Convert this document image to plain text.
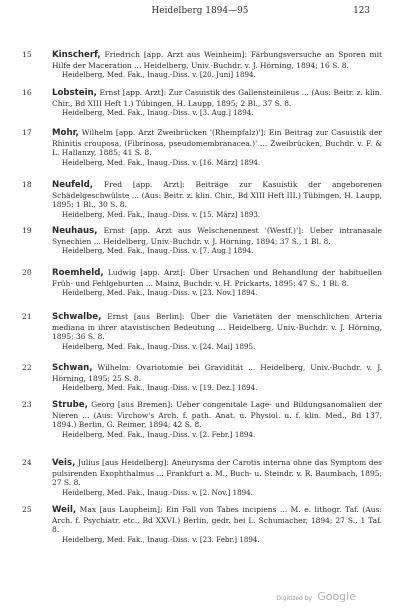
Heidelberg 1894—95	123
15 Kinscherf, Friedrich [app. Arzt aus Weinheim]: Färbungsversuche an Sporen mit Hilfe der Maceration ... Heidelberg, Univ.-Buchdr. v. J. Hörning, 1894; 16 S. 8.
Heidelberg, Med. Fak., Inaug.-Diss. v. [20. Juni] 1894.
16 Lobstein, Ernst [app. Arzt]: Zur Casuistik des Gallensteinileus ... (Aus: Beitr. z. klin. Chir., Bd XIII Heft 1.) Tübingen, H. Laupp, 1895; 2 Bl., 37 S. 8.
Heidelberg, Med. Fak., Inaug.-Diss. v. [3. Aug.] 1894.
17 Mohr, Wilhelm [app. Arzt Zweibrücken '(Rheinpfalz)']: Ein Beitrag zur Casuistik der Rhinitis crouposa, (Fibrinosa, pseudomembranacea.)' ... Zweibrücken, Buchdr. v. F. & L. Hallanzy, 1885; 41 S. 8.
Heidelberg, Med. Fak., Inaug.-Diss. v. [16. März] 1894.
18 Neufeld, Fred [app. Arzt]: Beiträge zur Kasuistik der angeborenen Schädelgeschwülste ... (Aus: Beitr. z. klin. Chir., Bd XIII Heft III.) Tübingen, H. Laupp, 1895; 1 Bl., 30 S. 8.
Heidelberg, Med. Fak., Inaug.-Diss. v. [15. März] 1893.
19 Neuhaus, Ernst [app. Arzt aus Welschenennest '(Westf.)']: Ueber intranasale Synechien ... Heidelberg, Univ.-Buchdr. v. J. Hörning, 1894; 37 S., 1 Bl. 8.
Heidelberg, Med. Fak., Inaug.-Diss. v. [7. Aug.] 1894.
20 Roemheld, Ludwig [app. Arzt]: Über Ursachen und Behandlung der habituellen Früh- und Fehlgeburten ... Mainz, Buchdr. v. H. Prickarts, 1895; 47 S., 1 Bl. 8.
Heidelberg, Med. Fak., Inaug.-Diss. v. [23. Nov.] 1894.
21 Schwalbe, Ernst [aus Berlin]: Über die Varietäten der menschlichen Arteria mediana in ihrer atavistischen Bedeutung ... Heidelberg, Univ.-Buchdr. v. J. Hörning, 1895; 36 S. 8.
Heidelberg, Med. Fak., Inaug.-Diss. v. [24. Mai] 1895.
22 Schwan, Wilhelm: Ovariotomie bei Gravidität ... Heidelberg, Univ.-Buchdr. v. J. Hörning, 1895; 25 S. 8.
Heidelberg, Med. Fak., Inaug.-Diss. v. [19. Dez.] 1894.
23 Strube, Georg [aus Bremen]: Ueber congenitale Lage- und Bildungsanomalien der Nieren ... (Aus: Virchow's Arch. f. path. Anat. u. Physiol. u. f. klin. Med., Bd 137, 1894.) Berlin, G. Reimer, 1894; 42 S. 8.
Heidelberg, Med. Fak., Inaug.-Diss. v. [2. Febr.] 1894.
24 Veis, Julius [aus Heidelberg]: Aneurysma der Carotis interna ohne das Symptom des pulsirenden Exophthalmus ... Frankfurt a. M., Buch- u. Steindr. v. R. Baumbach, 1895; 27 S. 8.
Heidelberg, Med. Fak., Inaug.-Diss. v. [2. Nov.] 1894.
25 Weil, Max [aus Laupheim]: Ein Fall von Tabes incipiens ... M. e. lithogr. Taf. (Aus: Arch. f. Psychiatr. etc., Bd XXVI.) Berlin, gedr. bei L. Schumacher, 1894; 27 S., 1 Taf. 8.
Heidelberg, Med. Fak., Inaug.-Diss. v. [23. Febr.] 1894.
Digitized by Google
